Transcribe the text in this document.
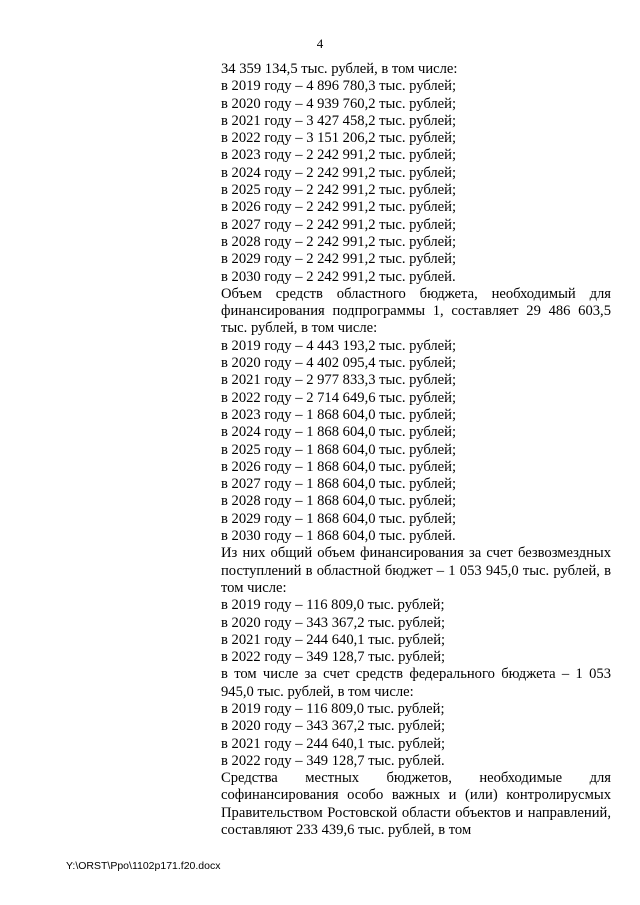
4
34 359 134,5 тыс. рублей, в том числе:
в 2019 году – 4 896 780,3 тыс. рублей;
в 2020 году – 4 939 760,2 тыс. рублей;
в 2021 году – 3 427 458,2 тыс. рублей;
в 2022 году – 3 151 206,2 тыс. рублей;
в 2023 году – 2 242 991,2 тыс. рублей;
в 2024 году – 2 242 991,2 тыс. рублей;
в 2025 году – 2 242 991,2 тыс. рублей;
в 2026 году – 2 242 991,2 тыс. рублей;
в 2027 году – 2 242 991,2 тыс. рублей;
в 2028 году – 2 242 991,2 тыс. рублей;
в 2029 году – 2 242 991,2 тыс. рублей;
в 2030 году – 2 242 991,2 тыс. рублей.
Объем средств областного бюджета, необходимый для финансирования подпрограммы 1, составляет 29 486 603,5 тыс. рублей, в том числе:
в 2019 году – 4 443 193,2 тыс. рублей;
в 2020 году – 4 402 095,4 тыс. рублей;
в 2021 году – 2 977 833,3 тыс. рублей;
в 2022 году – 2 714 649,6 тыс. рублей;
в 2023 году – 1 868 604,0 тыс. рублей;
в 2024 году – 1 868 604,0 тыс. рублей;
в 2025 году – 1 868 604,0 тыс. рублей;
в 2026 году – 1 868 604,0 тыс. рублей;
в 2027 году – 1 868 604,0 тыс. рублей;
в 2028 году – 1 868 604,0 тыс. рублей;
в 2029 году – 1 868 604,0 тыс. рублей;
в 2030 году – 1 868 604,0 тыс. рублей.
Из них общий объем финансирования за счет безвозмездных поступлений в областной бюджет – 1 053 945,0 тыс. рублей, в том числе:
в 2019 году – 116 809,0 тыс. рублей;
в 2020 году – 343 367,2 тыс. рублей;
в 2021 году – 244 640,1 тыс. рублей;
в 2022 году – 349 128,7 тыс. рублей;
в том числе за счет средств федерального бюджета – 1 053 945,0 тыс. рублей, в том числе:
в 2019 году – 116 809,0 тыс. рублей;
в 2020 году – 343 367,2 тыс. рублей;
в 2021 году – 244 640,1 тыс. рублей;
в 2022 году – 349 128,7 тыс. рублей.
Средства местных бюджетов, необходимые для софинансирования особо важных и (или) контролирусмых Правительством Ростовской области объектов и направлений, составляют 233 439,6 тыс. рублей, в том
Y:\ORST\Ppo\1102p171.f20.docx
